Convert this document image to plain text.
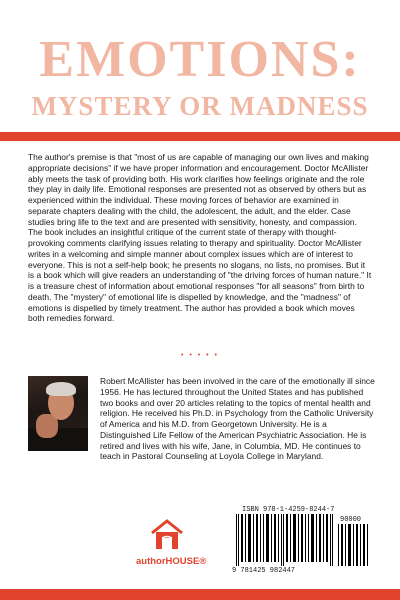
EMOTIONS:
MYSTERY OR MADNESS
The author's premise is that "most of us are capable of managing our own lives and making appropriate decisions" if we have proper information and encouragement. Doctor McAllister ably meets the task of providing both. His work clarifies how feelings originate and the role they play in daily life. Emotional responses are presented not as observed by others but as experienced within the individual. These moving forces of behavior are examined in separate chapters dealing with the child, the adolescent, the adult, and the elder. Case studies bring life to the text and are presented with sensitivity, honesty, and compassion. The book includes an insightful critique of the current state of therapy with thought-provoking comments clarifying issues relating to therapy and spirituality. Doctor McAllister writes in a welcoming and simple manner about complex issues which are of interest to everyone. This is not a self-help book; he presents no slogans, no lists, no promises. But it is a book which will give readers an understanding of "the driving forces of human nature." It is a treasure chest of information about emotional responses "for all seasons" from birth to death. The "mystery" of emotional life is dispelled by knowledge, and the "madness" of emotions is dispelled by timely treatment. The author has provided a book which moves both remedies forward.
• • • • •
Robert McAllister has been involved in the care of the emotionally ill since 1956. He has lectured throughout the United States and has published two books and over 20 articles relating to the topics of mental health and religion. He received his Ph.D. in Psychology from the Catholic University of America and his M.D. from Georgetown University. He is a Distinguished Life Fellow of the American Psychiatric Association. He is retired and lives with his wife, Jane, in Columbia, MD. He continues to teach in Pastoral Counseling at Loyola College in Maryland.
authorHOUSE®
ISBN 978-1-4259-8244-7
90000
9 781425 982447
